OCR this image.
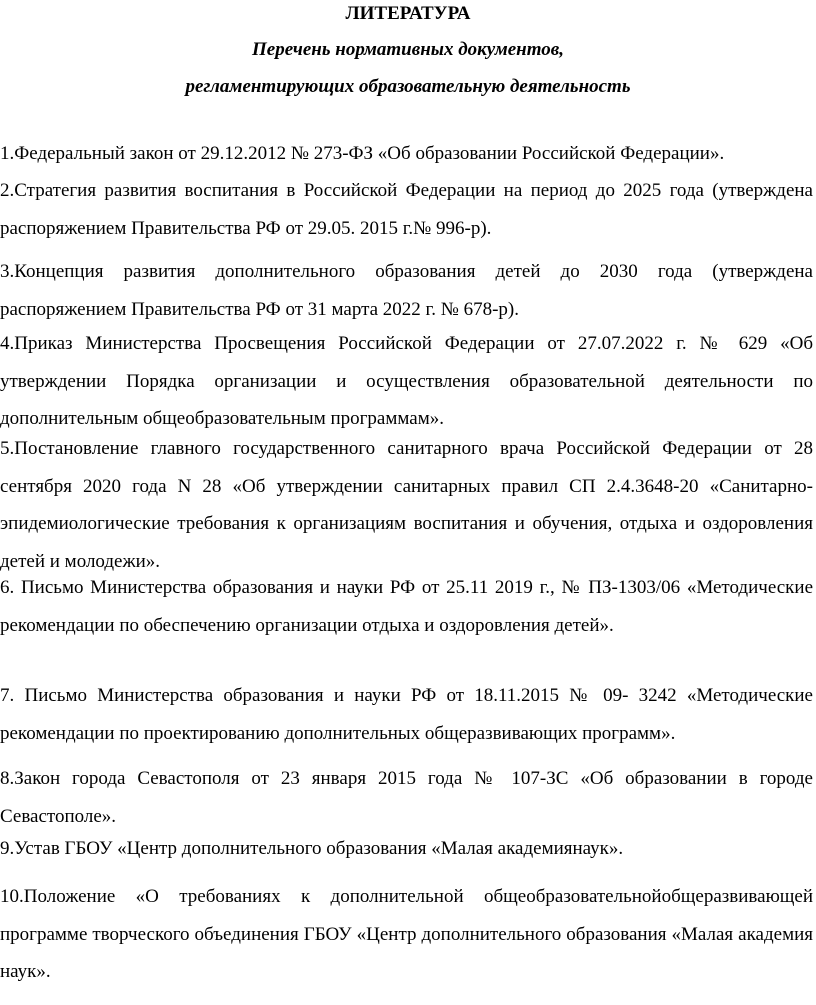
ЛИТЕРАТУРА
Перечень нормативных документов,
регламентирующих образовательную деятельность
1.Федеральный закон от 29.12.2012 № 273-ФЗ «Об образовании Российской Федерации».
2.Стратегия развития воспитания в Российской Федерации на период до 2025 года (утверждена распоряжением Правительства РФ от 29.05. 2015 г.№ 996-р).
3.Концепция развития дополнительного образования детей до 2030 года (утверждена распоряжением Правительства РФ от 31 марта 2022 г. № 678-р).
4.Приказ Министерства Просвещения Российской Федерации от 27.07.2022 г. № 629 «Об утверждении Порядка организации и осуществления образовательной деятельности по дополнительным общеобразовательным программам».
5.Постановление главного государственного санитарного врача Российской Федерации от 28 сентября 2020 года N 28 «Об утверждении санитарных правил СП 2.4.3648-20 «Санитарно-эпидемиологические требования к организациям воспитания и обучения, отдыха и оздоровления детей и молодежи».
6. Письмо Министерства образования и науки РФ от 25.11 2019 г., № ПЗ-1303/06 «Методические рекомендации по обеспечению организации отдыха и оздоровления детей».
7. Письмо Министерства образования и науки РФ от 18.11.2015 № 09- 3242 «Методические рекомендации по проектированию дополнительных общеразвивающих программ».
8.Закон города Севастополя от 23 января 2015 года № 107-ЗС «Об образовании в городе Севастополе».
9.Устав ГБОУ «Центр дополнительного образования «Малая академиянаук».
10.Положение «О требованиях к дополнительной общеобразовательнойобщеразвивающей программе творческого объединения ГБОУ «Центр дополнительного образования «Малая академия наук».
